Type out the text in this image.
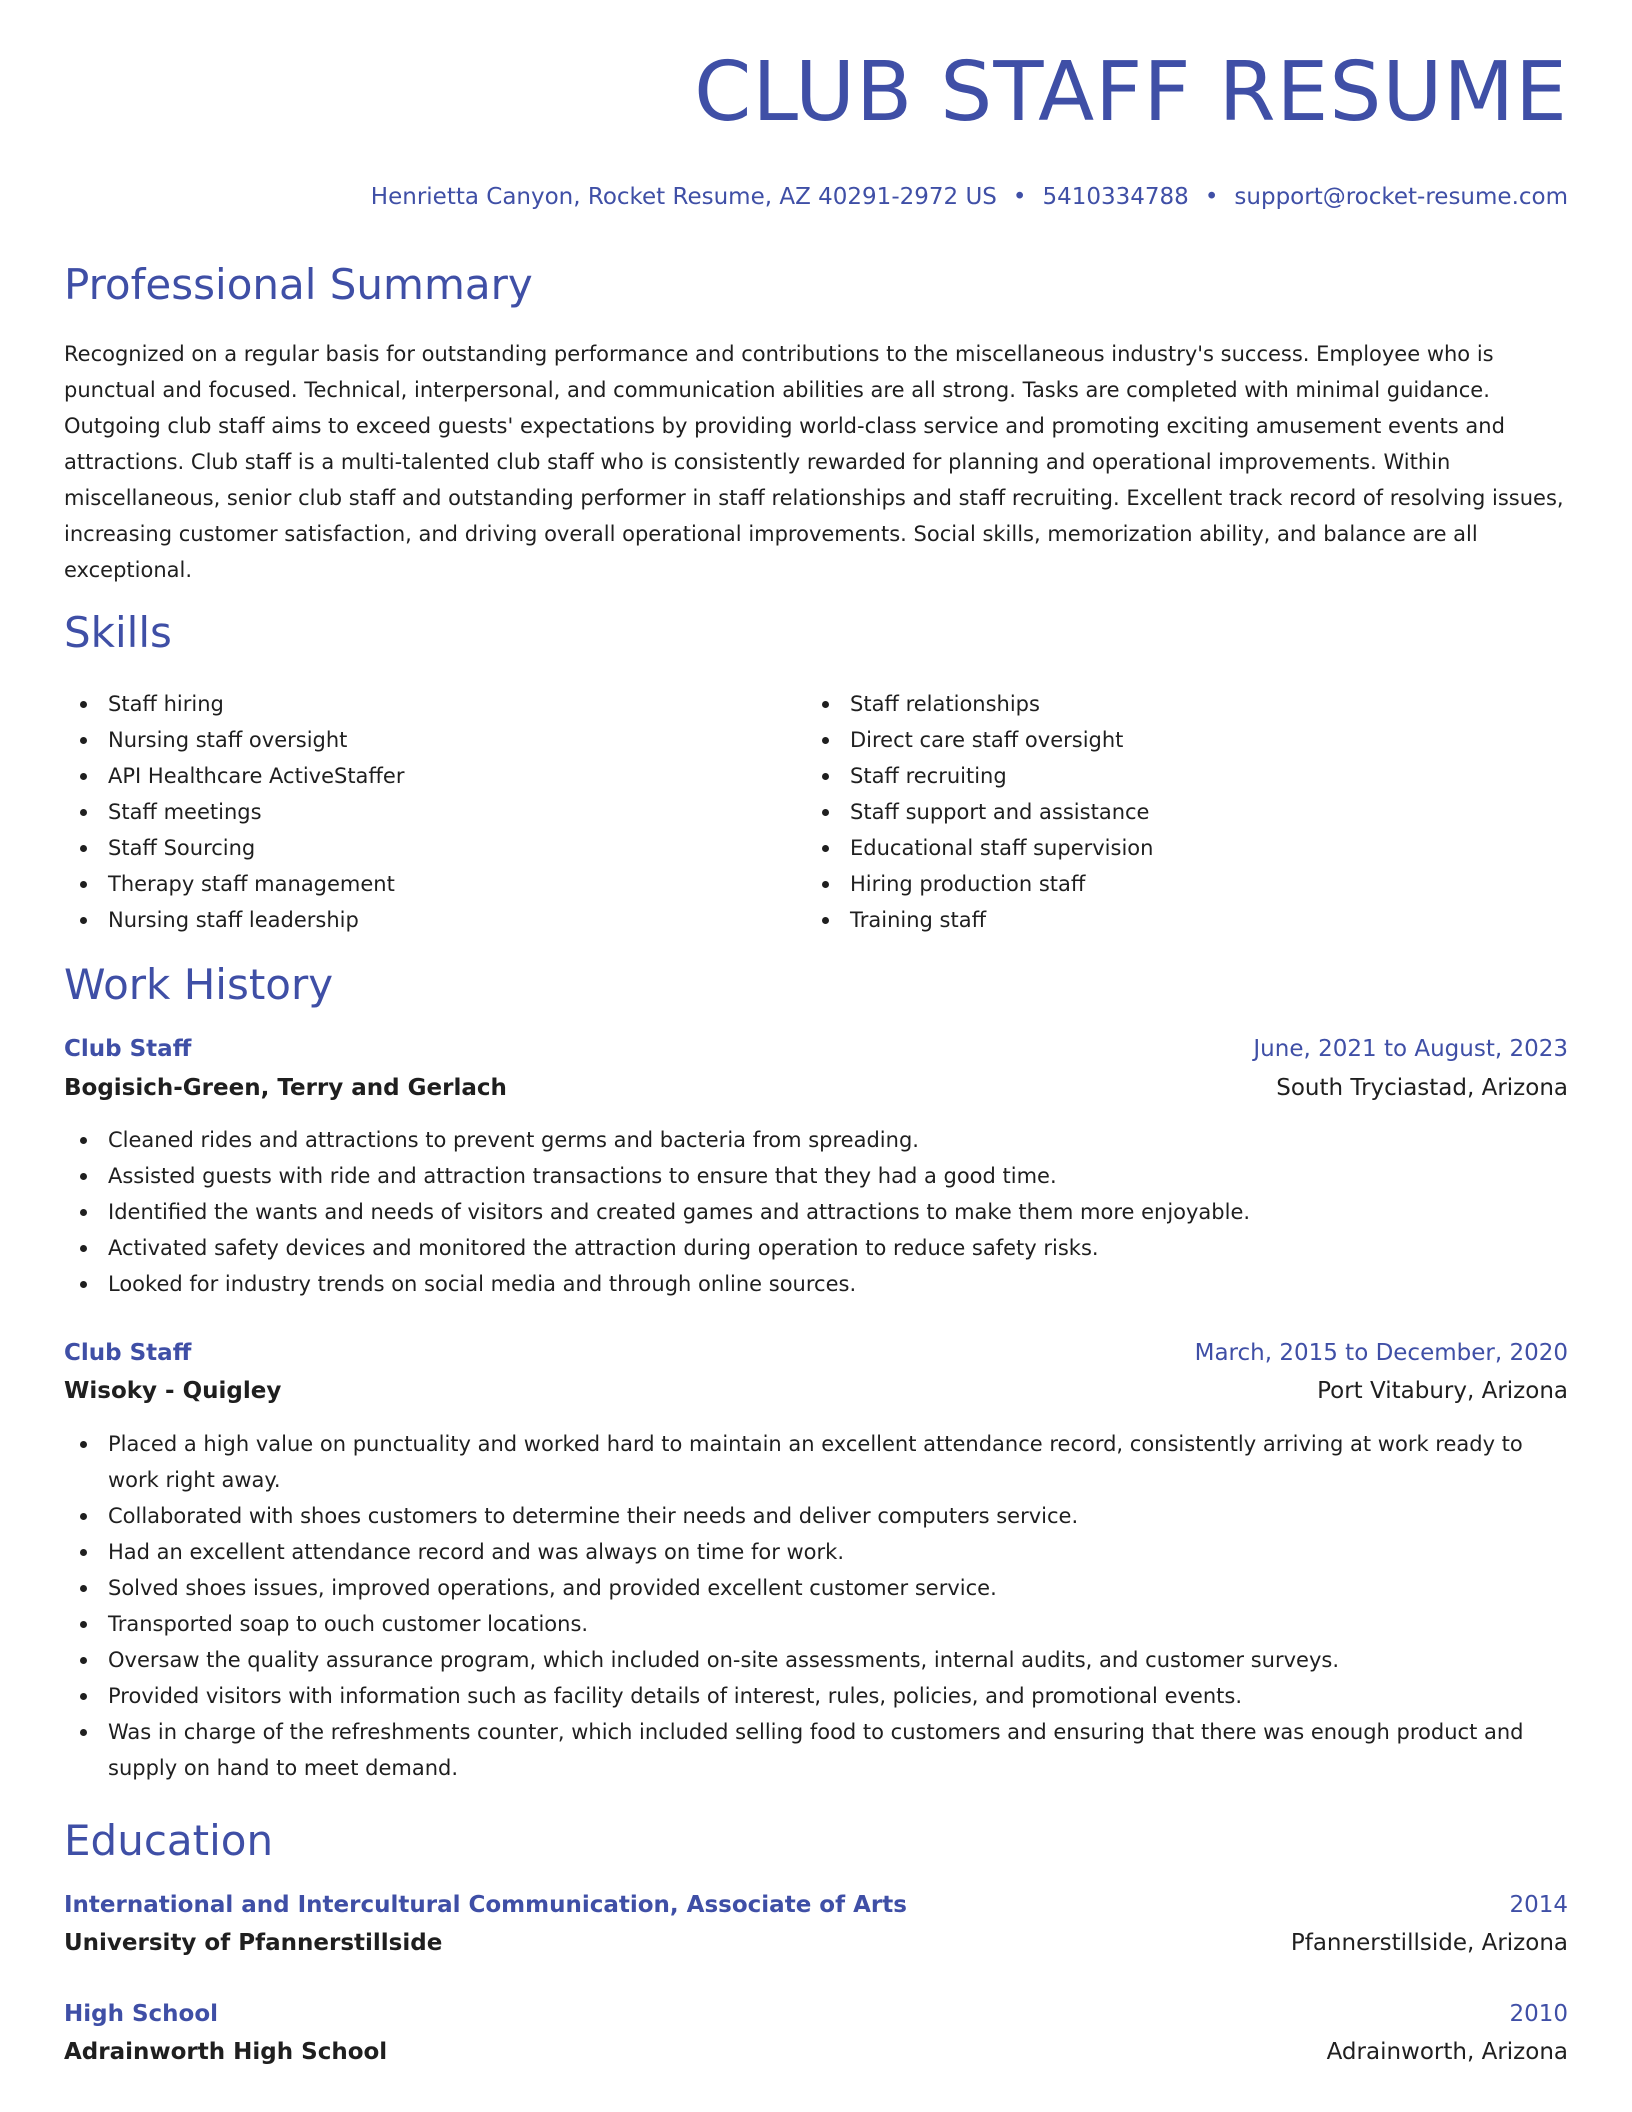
CLUB STAFF RESUME
Henrietta Canyon, Rocket Resume, AZ 40291-2972 US • 5410334788 • support@rocket-resume.com
Professional Summary

Recognized on a regular basis for outstanding performance and contributions to the miscellaneous industry's success. Employee who is punctual and focused. Technical, interpersonal, and communication abilities are all strong. Tasks are completed with minimal guidance. Outgoing club staff aims to exceed guests' expectations by providing world-class service and promoting exciting amusement events and attractions. Club staff is a multi-talented club staff who is consistently rewarded for planning and operational improvements. Within miscellaneous, senior club staff and outstanding performer in staff relationships and staff recruiting. Excellent track record of resolving issues, increasing customer satisfaction, and driving overall operational improvements. Social skills, memorization ability, and balance are all exceptional.

Skills
Staff hiring
Nursing staff oversight
API Healthcare ActiveStaffer
Staff meetings
Staff Sourcing
Therapy staff management
Nursing staff leadership
Staff relationships
Direct care staff oversight
Staff recruiting
Staff support and assistance
Educational staff supervision
Hiring production staff
Training staff
Work History
Club Staff	June, 2021 to August, 2023
Bogisich-Green, Terry and Gerlach	South Tryciastad, Arizona
Cleaned rides and attractions to prevent germs and bacteria from spreading.
Assisted guests with ride and attraction transactions to ensure that they had a good time.
Identified the wants and needs of visitors and created games and attractions to make them more enjoyable.
Activated safety devices and monitored the attraction during operation to reduce safety risks.
Looked for industry trends on social media and through online sources.
Club Staff	March, 2015 to December, 2020
Wisoky - Quigley	Port Vitabury, Arizona
Placed a high value on punctuality and worked hard to maintain an excellent attendance record, consistently arriving at work ready to work right away.
Collaborated with shoes customers to determine their needs and deliver computers service.
Had an excellent attendance record and was always on time for work.
Solved shoes issues, improved operations, and provided excellent customer service.
Transported soap to ouch customer locations.
Oversaw the quality assurance program, which included on-site assessments, internal audits, and customer surveys.
Provided visitors with information such as facility details of interest, rules, policies, and promotional events.
Was in charge of the refreshments counter, which included selling food to customers and ensuring that there was enough product and supply on hand to meet demand.
Education
International and Intercultural Communication, Associate of Arts	2014
University of Pfannerstillside	Pfannerstillside, Arizona
High School	2010
Adrainworth High School	Adrainworth, Arizona
